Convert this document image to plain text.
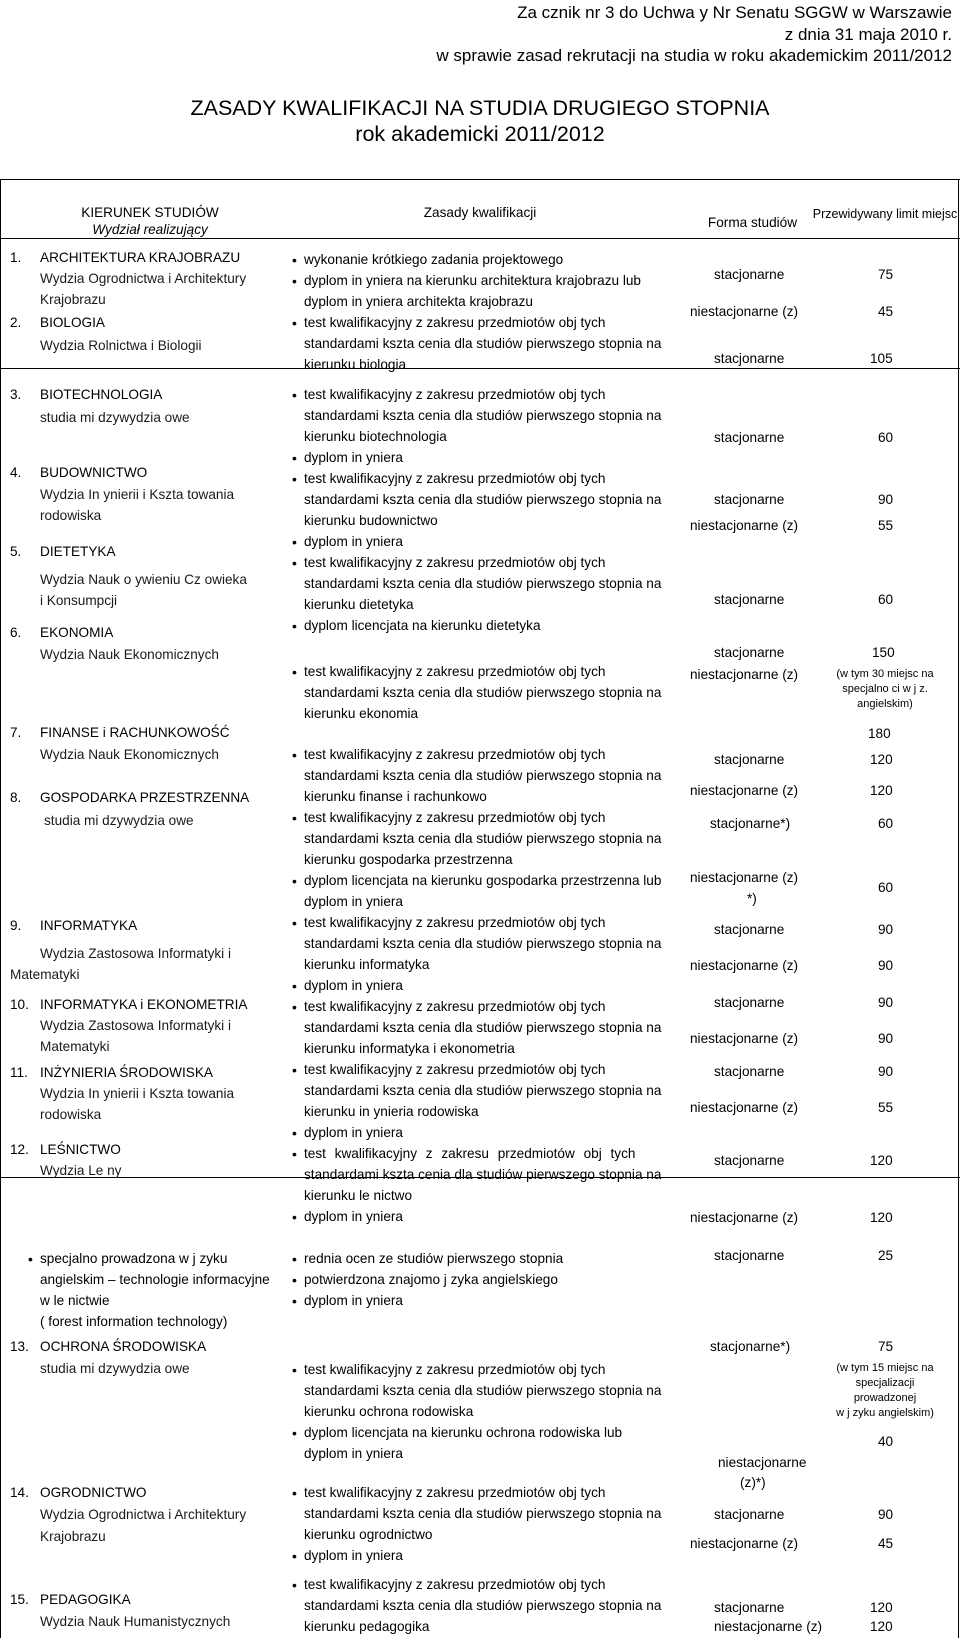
Za cznik nr 3 do Uchwa y Nr Senatu SGGW w Warszawie
z dnia 31 maja 2010 r.
w sprawie zasad rekrutacji na studia w roku akademickim 2011/2012
ZASADY KWALIFIKACJI NA STUDIA DRUGIEGO STOPNIA
rok akademicki 2011/2012
KIERUNEK STUDIÓW
Wydział realizujący
Zasady kwalifikacji
Forma studiów
Przewidywany limit miejsc
1. ARCHITEKTURA KRAJOBRAZU
Wydzia Ogrodnictwa i Architektury
Krajobrazu
2. BIOLOGIA
Wydzia Rolnictwa i Biologii
3. BIOTECHNOLOGIA
studia mi dzywydzia owe
4. BUDOWNICTWO
Wydzia In ynierii i Kszta towania
rodowiska
5. DIETETYKA
Wydzia Nauk o ywieniu Cz owieka
i Konsumpcji
6. EKONOMIA
Wydzia Nauk Ekonomicznych
7. FINANSE i RACHUNKOWOŚĆ
Wydzia Nauk Ekonomicznych
8. GOSPODARKA PRZESTRZENNA
studia mi dzywydzia owe
9. INFORMATYKA
Wydzia Zastosowa Informatyki i
Matematyki
10. INFORMATYKA i EKONOMETRIA
Wydzia Zastosowa Informatyki i
Matematyki
11. INŻYNIERIA ŚRODOWISKA
Wydzia In ynierii i Kszta towania
rodowiska
12. LEŚNICTWO
Wydzia Le ny
• specjalno prowadzona w j zyku
angielskim – technologie informacyjne
w le nictwie
( forest information technology)
13. OCHRONA ŚRODOWISKA
studia mi dzywydzia owe
14. OGRODNICTWO
Wydzia Ogrodnictwa i Architektury
Krajobrazu
15. PEDAGOGIKA
Wydzia Nauk Humanistycznych
• wykonanie krótkiego zadania projektowego
• dyplom in yniera na kierunku architektura krajobrazu lub
dyplom in yniera architekta krajobrazu
• test kwalifikacyjny z zakresu przedmiotów obj tych
standardami kszta cenia dla studiów pierwszego stopnia na
kierunku biologia
• test kwalifikacyjny z zakresu przedmiotów obj tych
standardami kszta cenia dla studiów pierwszego stopnia na
kierunku biotechnologia
• dyplom in yniera
• test kwalifikacyjny z zakresu przedmiotów obj tych
standardami kszta cenia dla studiów pierwszego stopnia na
kierunku budownictwo
• dyplom in yniera
• test kwalifikacyjny z zakresu przedmiotów obj tych
standardami kszta cenia dla studiów pierwszego stopnia na
kierunku dietetyka
• dyplom licencjata na kierunku dietetyka
• test kwalifikacyjny z zakresu przedmiotów obj tych
standardami kszta cenia dla studiów pierwszego stopnia na
kierunku ekonomia
• test kwalifikacyjny z zakresu przedmiotów obj tych
standardami kszta cenia dla studiów pierwszego stopnia na
kierunku finanse i rachunkowo
• test kwalifikacyjny z zakresu przedmiotów obj tych
standardami kszta cenia dla studiów pierwszego stopnia na
kierunku gospodarka przestrzenna
• dyplom licencjata na kierunku gospodarka przestrzenna lub
dyplom in yniera
• test kwalifikacyjny z zakresu przedmiotów obj tych
standardami kszta cenia dla studiów pierwszego stopnia na
kierunku informatyka
• dyplom in yniera
• test kwalifikacyjny z zakresu przedmiotów obj tych
standardami kszta cenia dla studiów pierwszego stopnia na
kierunku informatyka i ekonometria
• test kwalifikacyjny z zakresu przedmiotów obj tych
standardami kszta cenia dla studiów pierwszego stopnia na
kierunku in ynieria rodowiska
• dyplom in yniera
• test kwalifikacyjny z zakresu przedmiotów obj tych
standardami kszta cenia dla studiów pierwszego stopnia na
kierunku le nictwo
• dyplom in yniera
• rednia ocen ze studiów pierwszego stopnia
• potwierdzona znajomo j zyka angielskiego
• dyplom in yniera
• test kwalifikacyjny z zakresu przedmiotów obj tych
standardami kszta cenia dla studiów pierwszego stopnia na
kierunku ochrona rodowiska
• dyplom licencjata na kierunku ochrona rodowiska lub
dyplom in yniera
• test kwalifikacyjny z zakresu przedmiotów obj tych
standardami kszta cenia dla studiów pierwszego stopnia na
kierunku ogrodnictwo
• dyplom in yniera
• test kwalifikacyjny z zakresu przedmiotów obj tych
standardami kszta cenia dla studiów pierwszego stopnia na
kierunku pedagogika
stacjonarne
niestacjonarne (z)
stacjonarne
stacjonarne
stacjonarne
niestacjonarne (z)
stacjonarne
stacjonarne
niestacjonarne (z)
stacjonarne
niestacjonarne (z)
stacjonarne*)
niestacjonarne (z)
*)
stacjonarne
niestacjonarne (z)
stacjonarne
niestacjonarne (z)
stacjonarne
niestacjonarne (z)
stacjonarne
niestacjonarne (z)
stacjonarne
stacjonarne*)
niestacjonarne
(z)*)
stacjonarne
niestacjonarne (z)
stacjonarne
niestacjonarne (z)
75
45
105
60
90
55
60
150
(w tym 30 miejsc na
specjalno ci w j z.
angielskim)
180
120
120
60
60
90
90
90
90
90
55
120
120
25
75
(w tym 15 miejsc na
specjalizacji
prowadzonej
w j zyku angielskim)
40
90
45
120
120
